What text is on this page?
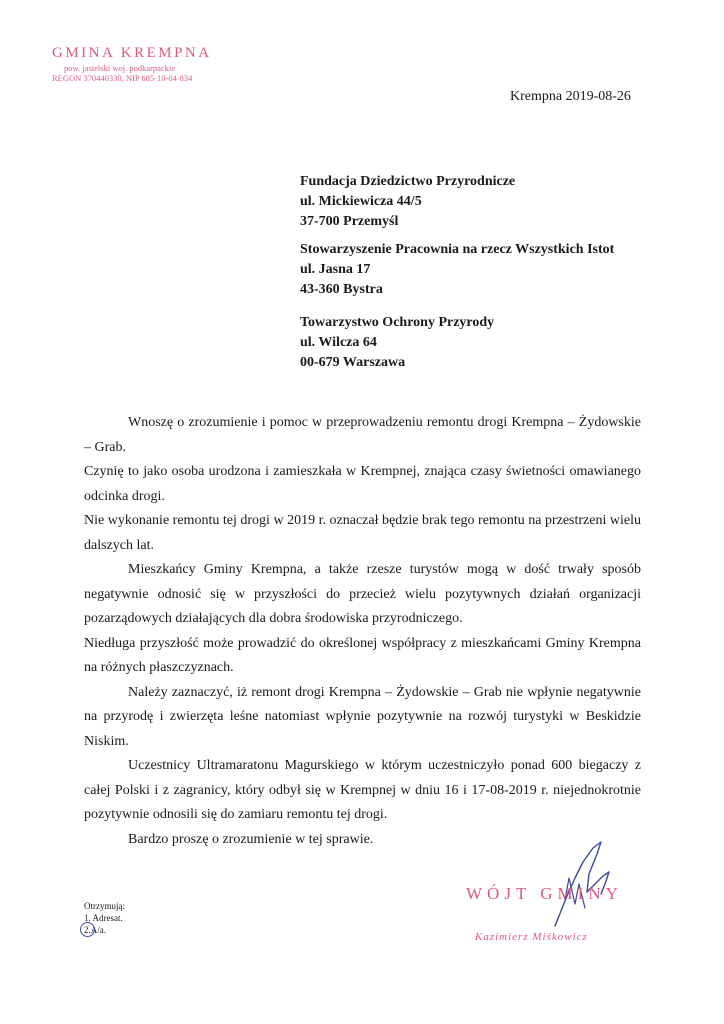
GMINA KREMPNA
pow. jasielski woj. podkarpackie
REGON 370440330, NIP 685-10-04-834
Krempna 2019-08-26
Fundacja Dziedzictwo Przyrodnicze
ul. Mickiewicza 44/5
37-700 Przemyśl
Stowarzyszenie Pracownia na rzecz Wszystkich Istot
ul. Jasna 17
43-360 Bystra
Towarzystwo Ochrony Przyrody
ul. Wilcza 64
00-679 Warszawa

Wnoszę o zrozumienie i pomoc w przeprowadzeniu remontu drogi Krempna – Żydowskie – Grab.

Czynię to jako osoba urodzona i zamieszkała w Krempnej, znająca czasy świetności omawianego odcinka drogi.

Nie wykonanie remontu tej drogi w 2019 r. oznaczał będzie brak tego remontu na przestrzeni wielu dalszych lat.

Mieszkańcy Gminy Krempna, a także rzesze turystów mogą w dość trwały sposób negatywnie odnosić się w przyszłości do przecież wielu pozytywnych działań organizacji pozarządowych działających dla dobra środowiska przyrodniczego.

Niedługa przyszłość może prowadzić do określonej współpracy z mieszkańcami Gminy Krempna na różnych płaszczyznach.

Należy zaznaczyć, iż remont drogi Krempna – Żydowskie – Grab nie wpłynie negatywnie na przyrodę i zwierzęta leśne natomiast wpłynie pozytywnie na rozwój turystyki w Beskidzie Niskim.

Uczestnicy Ultramaratonu Magurskiego w którym uczestniczyło ponad 600 biegaczy z całej Polski i z zagranicy, który odbył się w Krempnej w dniu 16 i 17-08-2019 r. niejednokrotnie pozytywnie odnosili się do zamiaru remontu tej drogi.

Bardzo proszę o zrozumienie w tej sprawie.

Otrzymują:
1. Adresat.
2.A/a.
WÓJT GMINY
Kazimierz Miśkowicz
